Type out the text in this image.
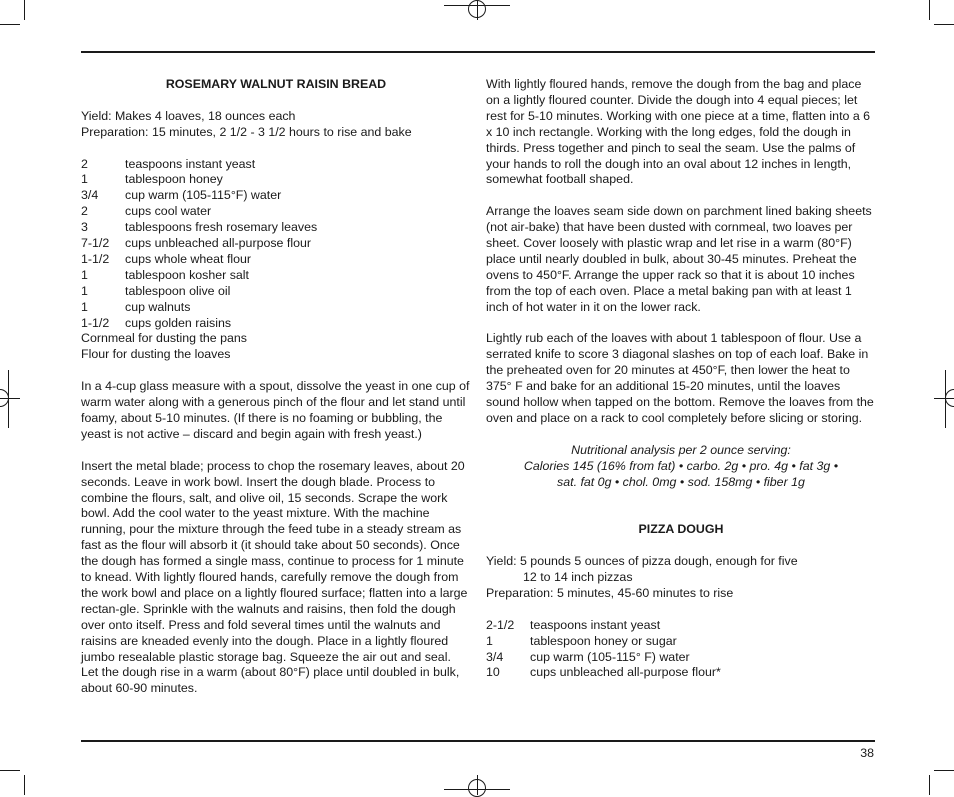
ROSEMARY WALNUT RAISIN BREAD

Yield: Makes 4 loaves, 18 ounces each

Preparation: 15 minutes, 2 1/2 - 3 1/2 hours to rise and bake

2	teaspoons instant yeast
1	tablespoon honey
3/4	cup warm (105-115°F) water
2	cups cool water
3	tablespoons fresh rosemary leaves
7-1/2	cups unbleached all-purpose flour
1-1/2	cups whole wheat flour
1	tablespoon kosher salt
1	tablespoon olive oil
1	cup walnuts
1-1/2	cups golden raisins

Cornmeal for dusting the pans

Flour for dusting the loaves

In a 4-cup glass measure with a spout, dissolve the yeast in one cup of warm water along with a generous pinch of the flour and let stand until foamy, about 5-10 minutes. (If there is no foaming or bubbling, the yeast is not active – discard and begin again with fresh yeast.)

Insert the metal blade; process to chop the rosemary leaves, about 20 seconds. Leave in work bowl. Insert the dough blade. Process to combine the flours, salt, and olive oil, 15 seconds. Scrape the work bowl. Add the cool water to the yeast mixture. With the machine running, pour the mixture through the feed tube in a steady stream as fast as the flour will absorb it (it should take about 50 seconds). Once the dough has formed a single mass, continue to process for 1 minute to knead. With lightly floured hands, carefully remove the dough from the work bowl and place on a lightly floured surface; flatten into a large rectan-gle. Sprinkle with the walnuts and raisins, then fold the dough over onto itself. Press and fold several times until the walnuts and raisins are kneaded evenly into the dough. Place in a lightly floured jumbo resealable plastic storage bag. Squeeze the air out and seal. Let the dough rise in a warm (about 80°F) place until doubled in bulk, about 60-90 minutes.

With lightly floured hands, remove the dough from the bag and place on a lightly floured counter. Divide the dough into 4 equal pieces; let rest for 5-10 minutes. Working with one piece at a time, flatten into a 6 x 10 inch rectangle. Working with the long edges, fold the dough in thirds. Press together and pinch to seal the seam. Use the palms of your hands to roll the dough into an oval about 12 inches in length, somewhat football shaped.

Arrange the loaves seam side down on parchment lined baking sheets (not air-bake) that have been dusted with cornmeal, two loaves per sheet. Cover loosely with plastic wrap and let rise in a warm (80°F) place until nearly doubled in bulk, about 30-45 minutes. Preheat the ovens to 450°F. Arrange the upper rack so that it is about 10 inches from the top of each oven. Place a metal baking pan with at least 1 inch of hot water in it on the lower rack.

Lightly rub each of the loaves with about 1 tablespoon of flour. Use a serrated knife to score 3 diagonal slashes on top of each loaf. Bake in the preheated oven for 20 minutes at 450°F, then lower the heat to 375° F and bake for an additional 15-20 minutes, until the loaves sound hollow when tapped on the bottom. Remove the loaves from the oven and place on a rack to cool completely before slicing or storing.

Nutritional analysis per 2 ounce serving:

Calories 145 (16% from fat) • carbo. 2g • pro. 4g • fat 3g •

sat. fat 0g • chol. 0mg • sod. 158mg • fiber 1g

PIZZA DOUGH

Yield: 5 pounds 5 ounces of pizza dough, enough for five

12 to 14 inch pizzas

Preparation: 5 minutes, 45-60 minutes to rise

2-1/2	teaspoons instant yeast
1	tablespoon honey or sugar
3/4	cup warm (105-115° F) water
10	cups unbleached all-purpose flour*
38
